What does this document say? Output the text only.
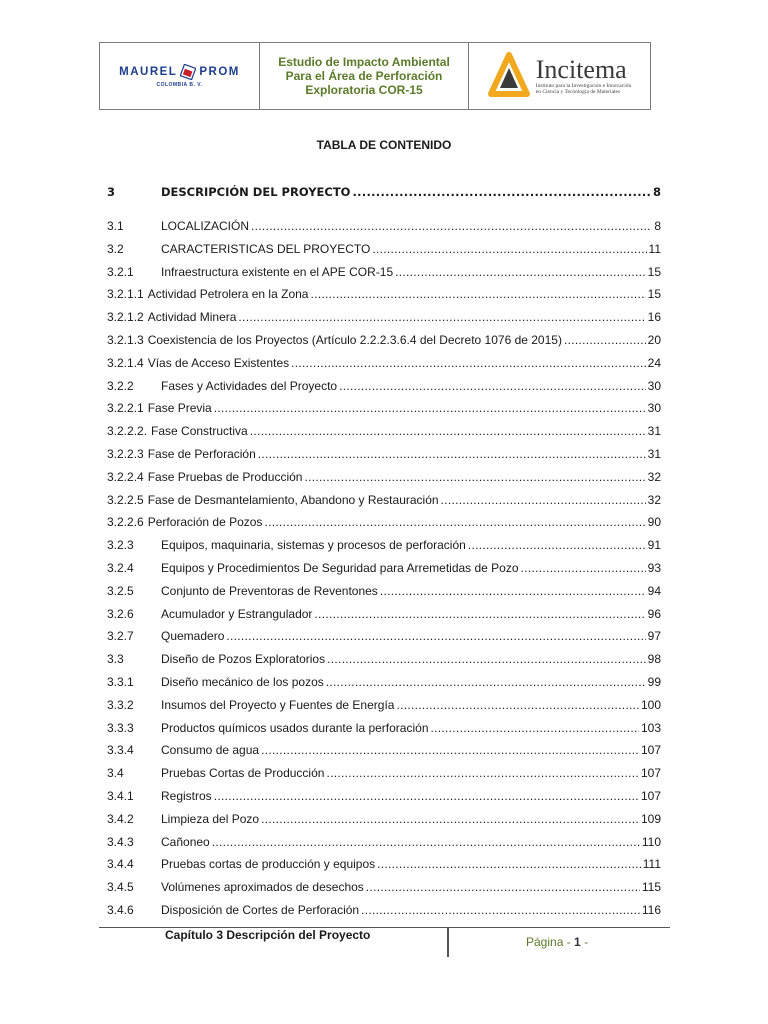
MAUREL PROM
COLOMBIA B. V.
Estudio de Impacto Ambiental
Para el Área de Perforación
Exploratoria COR-15
Incitema
Instituto para la Investigación e Innovación
en Ciencia y Tecnología de Materiales
TABLA DE CONTENIDO
3	DESCRIPCIÓN DEL PROYECTO .....	8
3.1	LOCALIZACIÓN .....	8
3.2	CARACTERISTICAS DEL PROYECTO .....	11
3.2.1	Infraestructura existente en el APE COR-15 .....	15
3.2.1.1 Actividad Petrolera en la Zona .....	15
3.2.1.2 Actividad Minera .....	16
3.2.1.3 Coexistencia de los Proyectos (Artículo 2.2.2.3.6.4 del Decreto 1076 de 2015) .....	20
3.2.1.4 Vías de Acceso Existentes .....	24
3.2.2	Fases y Actividades del Proyecto .....	30
3.2.2.1 Fase Previa .....	30
3.2.2.2. Fase Constructiva .....	31
3.2.2.3 Fase de Perforación .....	31
3.2.2.4 Fase Pruebas de Producción .....	32
3.2.2.5 Fase de Desmantelamiento, Abandono y Restauración .....	32
3.2.2.6 Perforación de Pozos .....	90
3.2.3	Equipos, maquinaria, sistemas y procesos de perforación .....	91
3.2.4	Equipos y Procedimientos De Seguridad para Arremetidas de Pozo .....	93
3.2.5	Conjunto de Preventoras de Reventones .....	94
3.2.6	Acumulador y Estrangulador .....	96
3.2.7	Quemadero .....	97
3.3	Diseño de Pozos Exploratorios .....	98
3.3.1	Diseño mecánico de los pozos .....	99
3.3.2	Insumos del Proyecto y Fuentes de Energía .....	100
3.3.3	Productos químicos usados durante la perforación .....	103
3.3.4	Consumo de agua .....	107
3.4	Pruebas Cortas de Producción .....	107
3.4.1	Registros .....	107
3.4.2	Limpieza del Pozo .....	109
3.4.3	Cañoneo .....	110
3.4.4	Pruebas cortas de producción y equipos .....	111
3.4.5	Volúmenes aproximados de desechos .....	115
3.4.6	Disposición de Cortes de Perforación .....	116
Capítulo 3 Descripción del Proyecto	Página - 1 -
